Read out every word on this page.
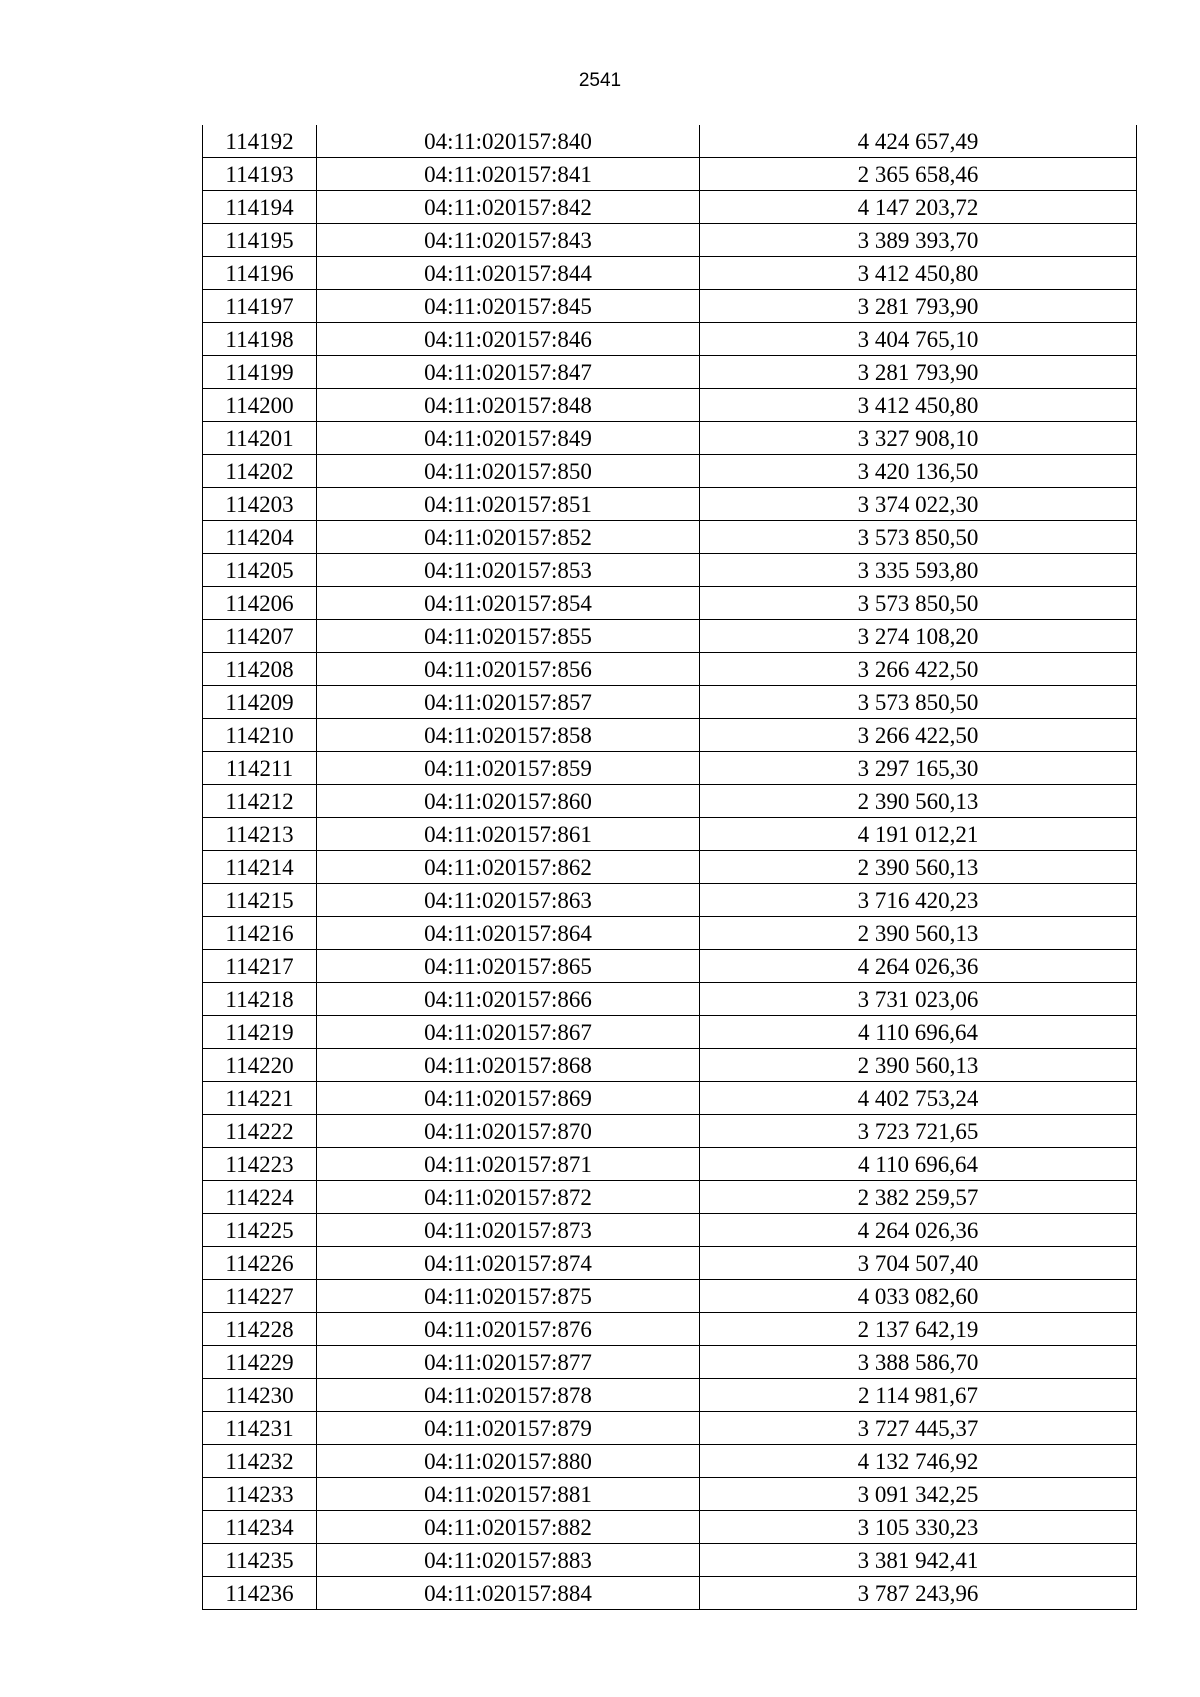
2541
114192	04:11:020157:840	4 424 657,49
114193	04:11:020157:841	2 365 658,46
114194	04:11:020157:842	4 147 203,72
114195	04:11:020157:843	3 389 393,70
114196	04:11:020157:844	3 412 450,80
114197	04:11:020157:845	3 281 793,90
114198	04:11:020157:846	3 404 765,10
114199	04:11:020157:847	3 281 793,90
114200	04:11:020157:848	3 412 450,80
114201	04:11:020157:849	3 327 908,10
114202	04:11:020157:850	3 420 136,50
114203	04:11:020157:851	3 374 022,30
114204	04:11:020157:852	3 573 850,50
114205	04:11:020157:853	3 335 593,80
114206	04:11:020157:854	3 573 850,50
114207	04:11:020157:855	3 274 108,20
114208	04:11:020157:856	3 266 422,50
114209	04:11:020157:857	3 573 850,50
114210	04:11:020157:858	3 266 422,50
114211	04:11:020157:859	3 297 165,30
114212	04:11:020157:860	2 390 560,13
114213	04:11:020157:861	4 191 012,21
114214	04:11:020157:862	2 390 560,13
114215	04:11:020157:863	3 716 420,23
114216	04:11:020157:864	2 390 560,13
114217	04:11:020157:865	4 264 026,36
114218	04:11:020157:866	3 731 023,06
114219	04:11:020157:867	4 110 696,64
114220	04:11:020157:868	2 390 560,13
114221	04:11:020157:869	4 402 753,24
114222	04:11:020157:870	3 723 721,65
114223	04:11:020157:871	4 110 696,64
114224	04:11:020157:872	2 382 259,57
114225	04:11:020157:873	4 264 026,36
114226	04:11:020157:874	3 704 507,40
114227	04:11:020157:875	4 033 082,60
114228	04:11:020157:876	2 137 642,19
114229	04:11:020157:877	3 388 586,70
114230	04:11:020157:878	2 114 981,67
114231	04:11:020157:879	3 727 445,37
114232	04:11:020157:880	4 132 746,92
114233	04:11:020157:881	3 091 342,25
114234	04:11:020157:882	3 105 330,23
114235	04:11:020157:883	3 381 942,41
114236	04:11:020157:884	3 787 243,96
